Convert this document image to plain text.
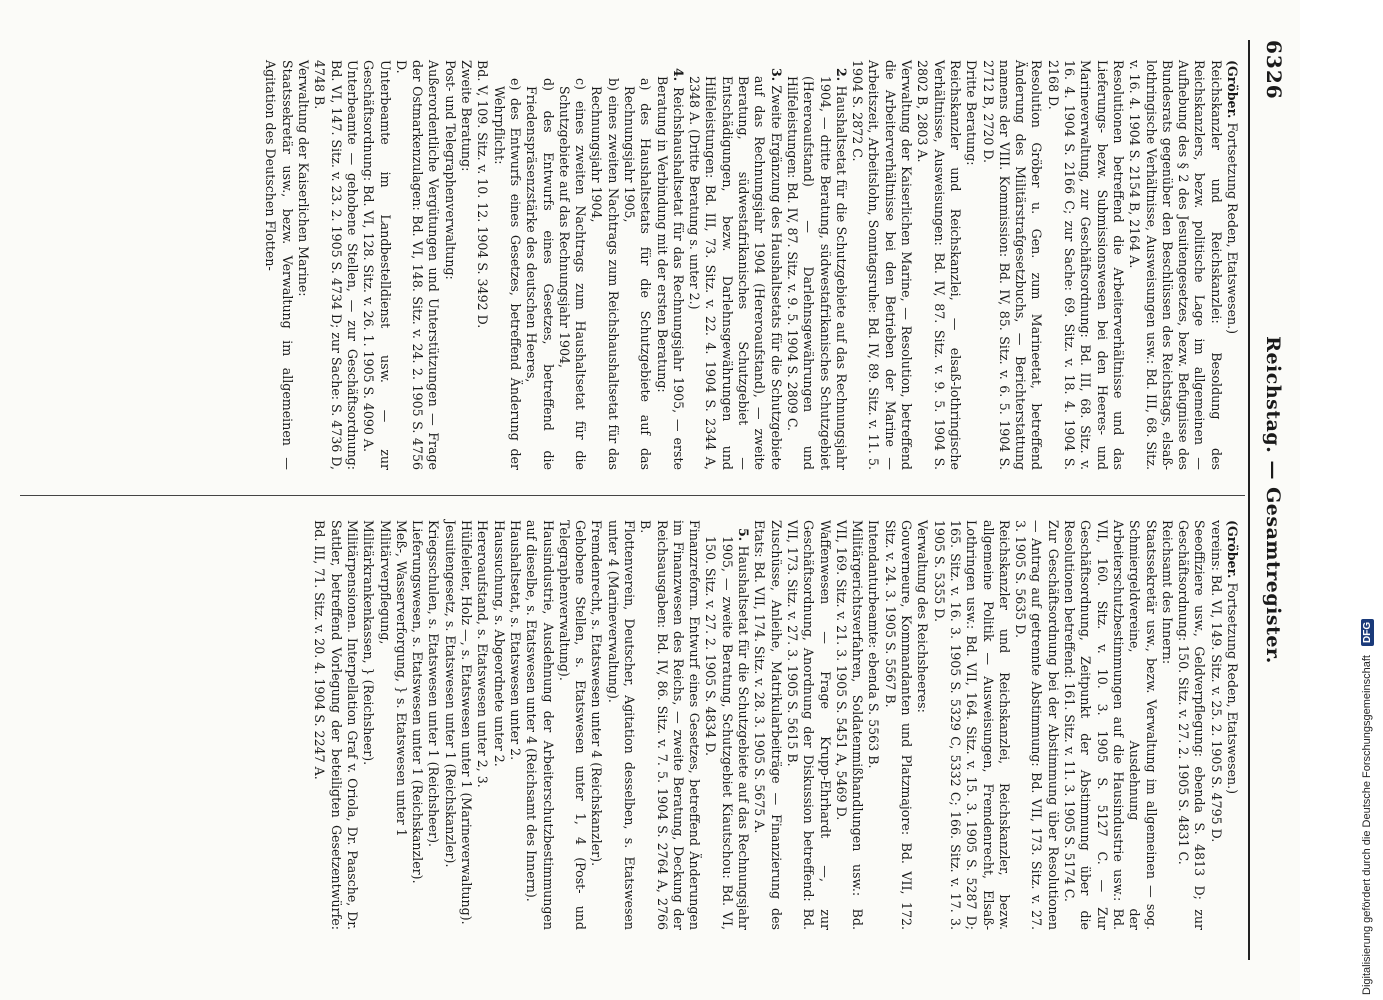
6326
Reichstag. — Gesamtregister.

(Gröber. Fortsetzung Reden, Etatswesen.)

Reichskanzler und Reichskanzlei: Besoldung des Reichskanzlers, bezw. politische Lage im allgemeinen — Aufhebung des § 2 des Jesuitengesetzes, bezw. Befugnisse des Bundesrats gegenüber den Beschlüssen des Reichstags, elsaß-lothringische Verhältnisse, Ausweisungen usw.: Bd. III, 68. Sitz. v. 16. 4. 1904 S. 2154 B, 2164 A.

Resolutionen betreffend die Arbeiterverhältnisse und das Lieferungs- bezw. Submissionswesen bei den Heeres- und Marineverwaltung, zur Geschäftsordnung: Bd. III, 68. Sitz. v. 16. 4. 1904 S. 2166 C; zur Sache: 69. Sitz. v. 18. 4. 1904 S. 2168 D.

Resolution Gröber u. Gen. zum Marineetat, betreffend Änderung des Militärstrafgesetzbuchs, — Berichterstattung namens der VIII. Kommission: Bd. IV, 85. Sitz. v. 6. 5. 1904 S. 2712 B, 2720 D.

Dritte Beratung:

Reichskanzler und Reichskanzlei, — elsaß-lothringische Verhältnisse, Ausweisungen: Bd. IV, 87. Sitz. v. 9. 5. 1904 S. 2802 B, 2803 A.

Verwaltung der Kaiserlichen Marine, — Resolution, betreffend die Arbeiterverhältnisse bei den Betrieben der Marine — Arbeitszeit, Arbeitslohn, Sonntagsruhe: Bd. IV, 89. Sitz. v. 11. 5. 1904 S. 2872 C.

2. Haushaltsetat für die Schutzgebiete auf das Rechnungsjahr 1904, — dritte Beratung, südwestafrikanisches Schutzgebiet (Hereroaufstand) — Darlehnsgewährungen und Hilfeleistungen: Bd. IV, 87. Sitz. v. 9. 5. 1904 S. 2809 C.

3. Zweite Ergänzung des Haushaltsetats für die Schutzgebiete auf das Rechnungsjahr 1904 (Hereroaufstand), — zweite Beratung, südwestafrikanisches Schutzgebiet — Entschädigungen, bezw. Darlehnsgewährungen und Hilfeleistungen: Bd. III, 73. Sitz. v. 22. 4. 1904 S. 2344 A, 2348 A. (Dritte Beratung s. unter 2.)

4. Reichshaushaltsetat für das Rechnungsjahr 1905, — erste Beratung in Verbindung mit der ersten Beratung:

a) des Haushaltsetats für die Schutzgebiete auf das Rechnungsjahr 1905,

b) eines zweiten Nachtrags zum Reichshaushaltsetat für das Rechnungsjahr 1904,

c) eines zweiten Nachtrags zum Haushaltsetat für die Schutzgebiete auf das Rechnungsjahr 1904,

d) des Entwurfs eines Gesetzes, betreffend die Friedenspräsenzstärke des deutschen Heeres,

e) des Entwurfs eines Gesetzes, betreffend Änderung der Wehrpflicht:

Bd. V, 109. Sitz. v. 10. 12. 1904 S. 3492 D.

Zweite Beratung:

Post- und Telegraphenverwaltung:

Außerordentliche Vergütungen und Unterstützungen — Frage der Ostmarkenzulagen: Bd. VI, 148. Sitz. v. 24. 2. 1905 S. 4756 D.

Unterbeamte im Landbestelldienst usw. — zur Geschäftsordnung: Bd. VI, 128. Sitz. v. 26. 1. 1905 S. 4090 A.

Unterbeamte — gehobene Stellen, — zur Geschäftsordnung: Bd. VI, 147. Sitz. v. 23. 2. 1905 S. 4734 D; zur Sache: S. 4736 D, 4748 B.

Verwaltung der Kaiserlichen Marine:

Staatssekretär usw., bezw. Verwaltung im allgemeinen — Agitation des Deutschen Flotten-

(Gröber. Fortsetzung Reden, Etatswesen.)

vereins: Bd. VI, 149. Sitz. v. 25. 2. 1905 S. 4795 D.

Seeoffiziere usw., Geldverpflegung: ebenda S. 4813 D; zur Geschäftsordnung: 150. Sitz. v. 27. 2. 1905 S. 4831 C.

Reichsamt des Innern:

Staatssekretär usw., bezw. Verwaltung im allgemeinen — sog. Schmiergeldvereine, Ausdehnung der Arbeiterschutzbestimmungen auf die Hausindustrie usw.: Bd. VII, 160. Sitz. v. 10. 3. 1905 S. 5127 C. — Zur Geschäftsordnung, Zeitpunkt der Abstimmung über die Resolutionen betreffend: 161. Sitz. v. 11. 3. 1905 S. 5174 C.

Zur Geschäftsordnung bei der Abstimmung über Resolutionen — Antrag auf getrennte Abstimmung: Bd. VII, 173. Sitz. v. 27. 3. 1905 S. 5635 D.

Reichskanzler und Reichskanzlei, Reichskanzler, bezw. allgemeine Politik — Ausweisungen, Fremdenrecht, Elsaß-Lothringen usw.: Bd. VII, 164. Sitz. v. 15. 3. 1905 S. 5287 D; 165. Sitz. v. 16. 3. 1905 S. 5329 C, 5332 C; 166. Sitz. v. 17. 3. 1905 S. 5355 D.

Verwaltung des Reichsheeres:

Gouverneure, Kommandanten und Platzmajore: Bd. VII, 172. Sitz. v. 24. 3. 1905 S. 5567 B.

Intendanturbeamte: ebenda S. 5563 B.

Militärgerichtsverfahren, Soldatenmißhandlungen usw.: Bd. VII, 169. Sitz. v. 21. 3. 1905 S. 5451 A, 5469 D.

Waffenwesen — Frage Krupp-Ehrhardt —, zur Geschäftsordnung, Anordnung der Diskussion betreffend: Bd. VII, 173. Sitz. v. 27. 3. 1905 S. 5615 B.

Zuschüsse, Anleihe, Matrikularbeiträge — Finanzierung des Etats: Bd. VII, 174. Sitz. v. 28. 3. 1905 S. 5675 A.

5. Haushaltsetat für die Schutzgebiete auf das Rechnungsjahr 1905, — zweite Beratung, Schutzgebiet Kiautschou: Bd. VI, 150. Sitz. v. 27. 2. 1905 S. 4834 D.

Finanzreform. Entwurf eines Gesetzes, betreffend Änderungen im Finanzwesen des Reichs, — zweite Beratung, Deckung der Reichsausgaben: Bd. IV, 86. Sitz. v. 7. 5. 1904 S. 2764 A, 2766 B.

Flottenverein, Deutscher, Agitation desselben, s. Etatswesen unter 4 (Marineverwaltung).

Fremdenrecht, s. Etatswesen unter 4 (Reichskanzler).

Gehobene Stellen, s. Etatswesen unter 1, 4 (Post- und Telegraphenverwaltung).

Hausindustrie, Ausdehnung der Arbeiterschutzbestimmungen auf dieselbe, s. Etatswesen unter 4 (Reichsamt des Innern).

Haushaltsetat, s. Etatswesen unter 2.

Haussuchung, s. Abgeordnete unter 2.

Hereroaufstand, s. Etatswesen unter 2, 3.

Hülfeleiter, Holz —, s. Etatswesen unter 1 (Marineverwaltung).

Jesuitengesetz, s. Etatswesen unter 1 (Reichskanzler).

Kriegsschulen, s. Etatswesen unter 1 (Reichsheer).

Lieferungswesen, s. Etatswesen unter 1 (Reichskanzler).

Meß-, Wasserverforgung, } s. Etatswesen unter 1

Militärverpflegung,

Militärkrankenkassen, } (Reichsheer).

Militärpensionen. Interpellation Graf v. Oriola, Dr. Paasche, Dr. Sattler, betreffend Vorlegung der beteiligten Gesetzentwürfe: Bd. III, 71. Sitz. v. 20. 4. 1904 S. 2247 A.

Digitalisierung gefördert durch die Deutsche Forschungsgemeinschaft DFG
